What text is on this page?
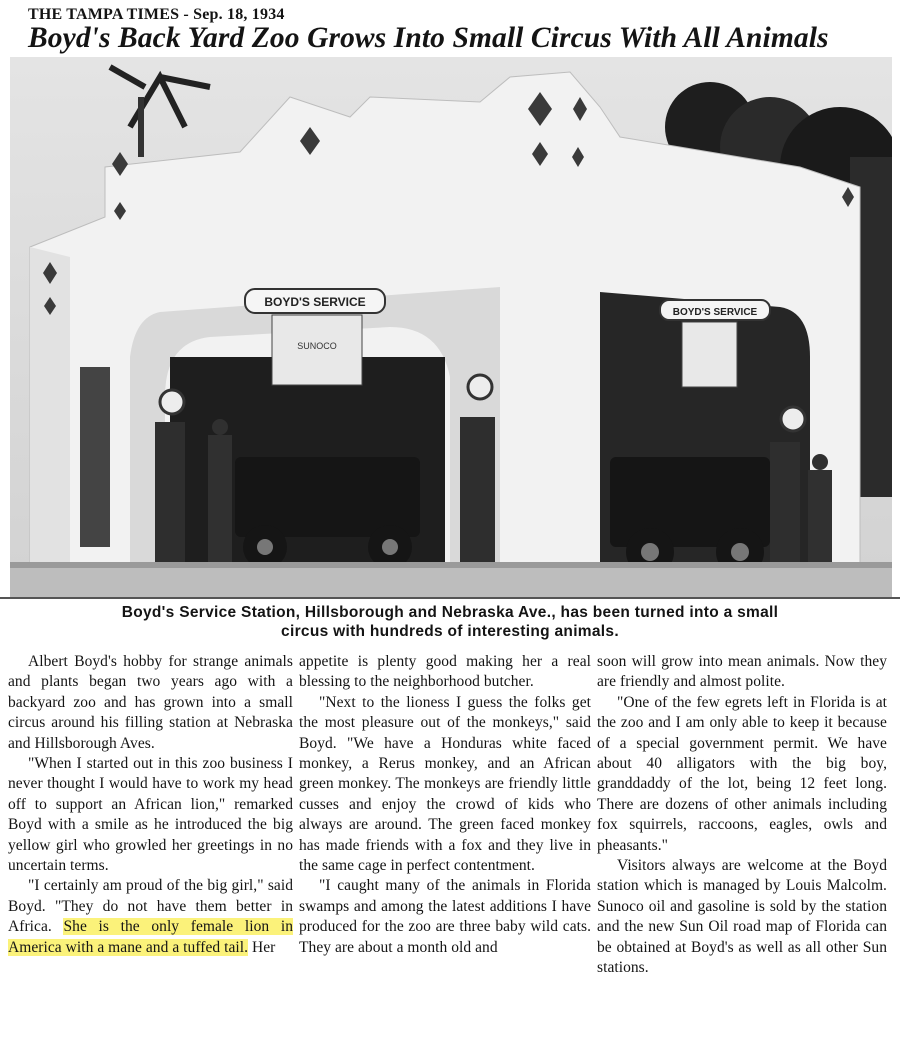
THE TAMPA TIMES - Sep. 18, 1934
Boyd's Back Yard Zoo Grows Into Small Circus With All Animals
BOYD'S SERVICE
BOYD'S SERVICE
SUNOCO
Boyd's Service Station, Hillsborough and Nebraska Ave., has been turned into a small circus with hundreds of interesting animals.

Albert Boyd's hobby for strange animals and plants began two years ago with a backyard zoo and has grown into a small circus around his filling station at Nebraska and Hillsborough Aves.

"When I started out in this zoo business I never thought I would have to work my head off to support an African lion," remarked Boyd with a smile as he introduced the big yellow girl who growled her greetings in no uncertain terms.

"I certainly am proud of the big girl," said Boyd. "They do not have them better in Africa. She is the only female lion in America with a mane and a tuffed tail. Her

appetite is plenty good making her a real blessing to the neighborhood butcher.

"Next to the lioness I guess the folks get the most pleasure out of the monkeys," said Boyd. "We have a Honduras white faced monkey, a Rerus monkey, and an African green monkey. The monkeys are friendly little cusses and enjoy the crowd of kids who always are around. The green faced monkey has made friends with a fox and they live in the same cage in perfect contentment.

"I caught many of the animals in Florida swamps and among the latest additions I have produced for the zoo are three baby wild cats. They are about a month old and

soon will grow into mean animals. Now they are friendly and almost polite.

"One of the few egrets left in Florida is at the zoo and I am only able to keep it because of a special government permit. We have about 40 alligators with the big boy, granddaddy of the lot, being 12 feet long. There are dozens of other animals including fox squirrels, raccoons, eagles, owls and pheasants."

Visitors always are welcome at the Boyd station which is managed by Louis Malcolm. Sunoco oil and gasoline is sold by the station and the new Sun Oil road map of Florida can be obtained at Boyd's as well as all other Sun stations.
